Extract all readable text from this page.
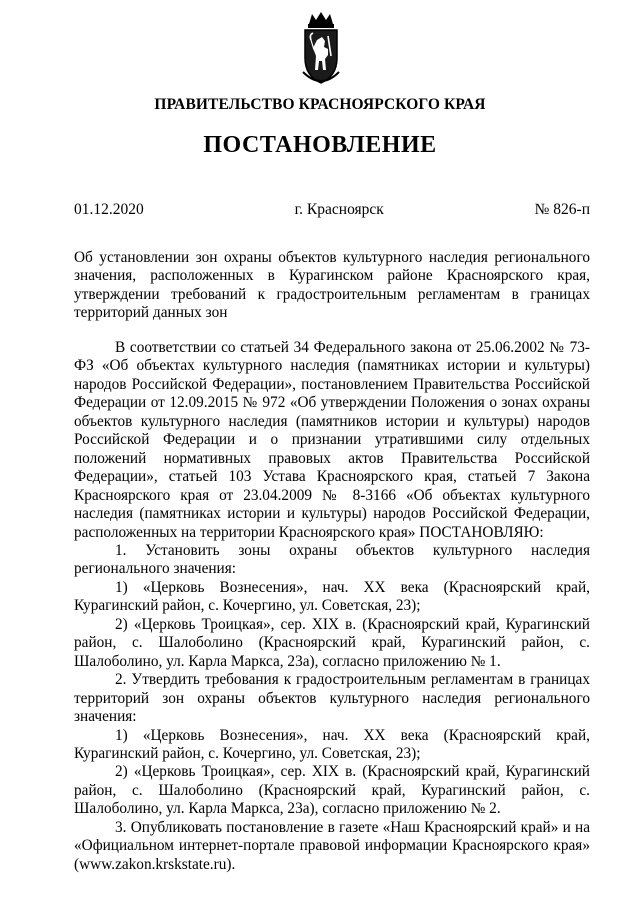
ПРАВИТЕЛЬСТВО КРАСНОЯРСКОГО КРАЯ
ПОСТАНОВЛЕНИЕ
01.12.2020	г. Красноярск	№ 826-п
Об установлении зон охраны объектов культурного наследия регионального значения, расположенных в Курагинском районе Красноярского края, утверждении требований к градостроительным регламентам в границах территорий данных зон

В соответствии со статьей 34 Федерального закона от 25.06.2002 № 73-ФЗ «Об объектах культурного наследия (памятниках истории и культуры) народов Российской Федерации», постановлением Правительства Российской Федерации от 12.09.2015 № 972 «Об утверждении Положения о зонах охраны объектов культурного наследия (памятников истории и культуры) народов Российской Федерации и о признании утратившими силу отдельных положений нормативных правовых актов Правительства Российской Федерации», статьей 103 Устава Красноярского края, статьей 7 Закона Красноярского края от 23.04.2009 № 8-3166 «Об объектах культурного наследия (памятниках истории и культуры) народов Российской Федерации, расположенных на территории Красноярского края» ПОСТАНОВЛЯЮ:

1. Установить зоны охраны объектов культурного наследия регионального значения:

1) «Церковь Вознесения», нач. XX века (Красноярский край, Курагинский район, с. Кочергино, ул. Советская, 23);

2) «Церковь Троицкая», сер. XIX в. (Красноярский край, Курагинский район, с. Шалоболино (Красноярский край, Курагинский район, с. Шалоболино, ул. Карла Маркса, 23а), согласно приложению № 1.

2. Утвердить требования к градостроительным регламентам в границах территорий зон охраны объектов культурного наследия регионального значения:

1) «Церковь Вознесения», нач. XX века (Красноярский край, Курагинский район, с. Кочергино, ул. Советская, 23);

2) «Церковь Троицкая», сер. XIX в. (Красноярский край, Курагинский район, с. Шалоболино (Красноярский край, Курагинский район, с. Шалоболино, ул. Карла Маркса, 23а), согласно приложению № 2.

3. Опубликовать постановление в газете «Наш Красноярский край» и на «Официальном интернет-портале правовой информации Красноярского края» (www.zakon.krskstate.ru).
